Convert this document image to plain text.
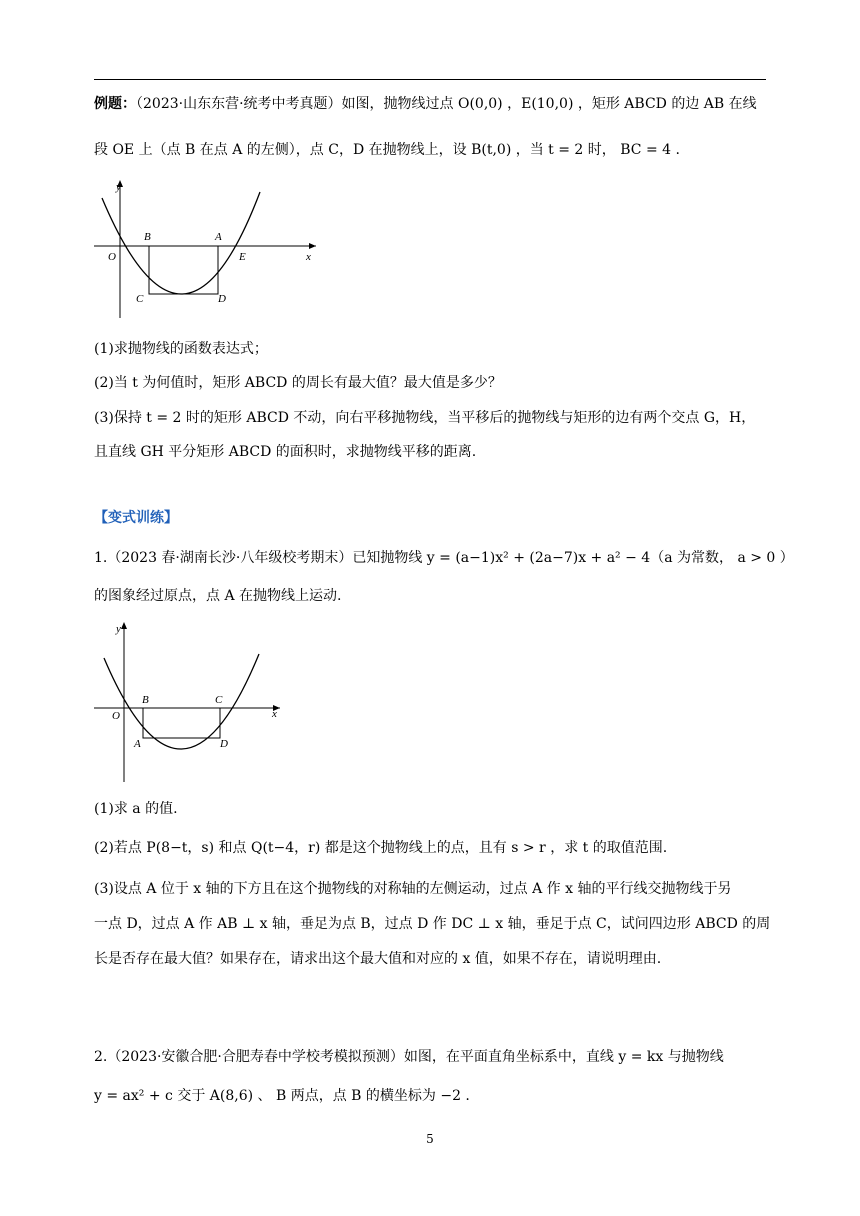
例题：（2023·山东东营·统考中考真题）如图，抛物线过点 O(0,0) ，E(10,0) ，矩形 ABCD 的边 AB 在线
段 OE 上（点 B 在点 A 的左侧），点 C，D 在抛物线上，设 B(t,0) ，当 t = 2 时， BC = 4 .
y
x
O
B	A
E
C	D
(1)求抛物线的函数表达式；
(2)当 t 为何值时，矩形 ABCD 的周长有最大值？最大值是多少？
(3)保持 t = 2 时的矩形 ABCD 不动，向右平移抛物线，当平移后的抛物线与矩形的边有两个交点 G，H，
且直线 GH 平分矩形 ABCD 的面积时，求抛物线平移的距离.
【变式训练】
1.（2023 春·湖南长沙·八年级校考期末）已知抛物线 y = (a−1)x² + (2a−7)x + a² − 4（a 为常数， a > 0 ）
的图象经过原点，点 A 在抛物线上运动.
y
x
O
B	C
A	D
(1)求 a 的值.
(2)若点 P(8−t，s) 和点 Q(t−4，r) 都是这个抛物线上的点，且有 s > r ，求 t 的取值范围.
(3)设点 A 位于 x 轴的下方且在这个抛物线的对称轴的左侧运动，过点 A 作 x 轴的平行线交抛物线于另
一点 D，过点 A 作 AB ⊥ x 轴，垂足为点 B，过点 D 作 DC ⊥ x 轴，垂足于点 C，试问四边形 ABCD 的周
长是否存在最大值？如果存在，请求出这个最大值和对应的 x 值，如果不存在，请说明理由.
2.（2023·安徽合肥·合肥寿春中学校考模拟预测）如图，在平面直角坐标系中，直线 y = kx 与抛物线
y = ax² + c 交于 A(8,6) 、 B 两点，点 B 的横坐标为 −2 .
5
